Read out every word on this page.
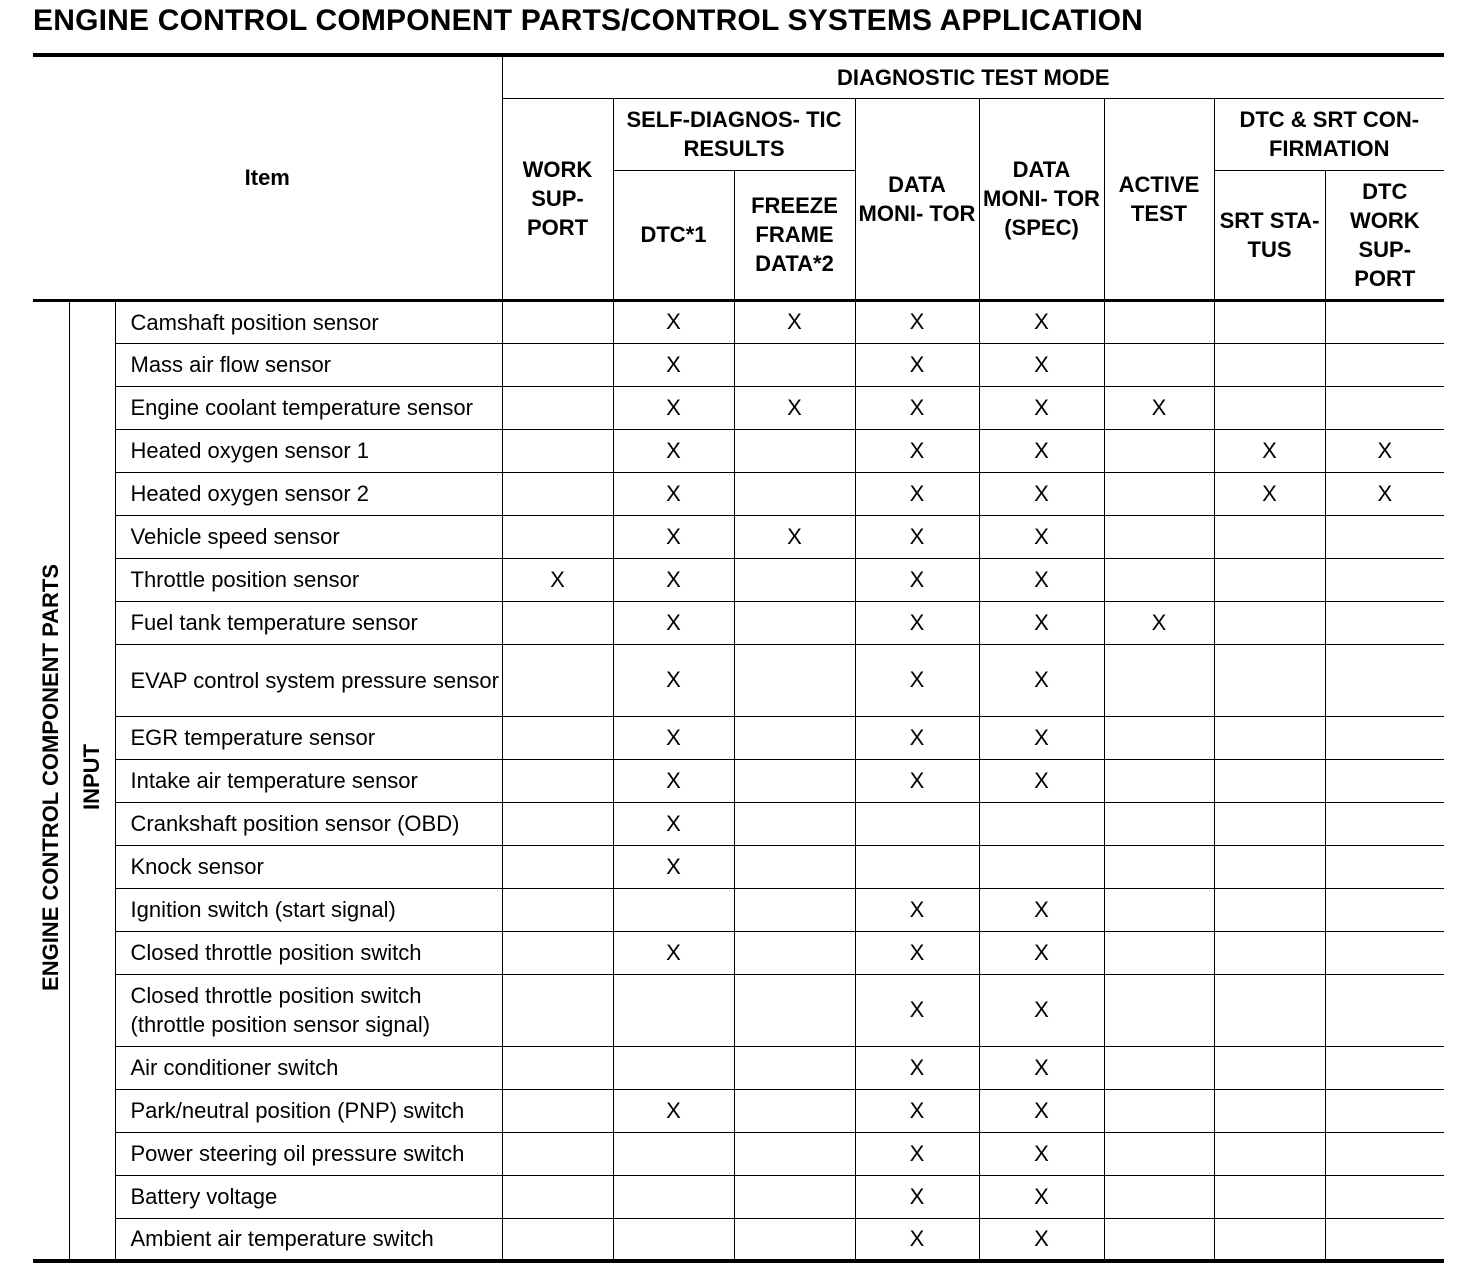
ENGINE CONTROL COMPONENT PARTS/CONTROL SYSTEMS APPLICATION
Item			DIAGNOSTIC TEST MODE							
			WORK SUP- PORT	SELF-DIAGNOS- TIC RESULTS		DATA MONI- TOR	DATA MONI- TOR (SPEC)	ACTIVE TEST	DTC & SRT CON- FIRMATION	
				DTC*1	FREEZE FRAME DATA*2				SRT STA- TUS	DTC WORK SUP- PORT
ENGINE CONTROL COMPONENT PARTS	INPUT	Camshaft position sensor		X	X	X	X			
		Mass air flow sensor		X		X	X			
		Engine coolant temperature sensor		X	X	X	X	X		
		Heated oxygen sensor 1		X		X	X		X	X
		Heated oxygen sensor 2		X		X	X		X	X
		Vehicle speed sensor		X	X	X	X			
		Throttle position sensor	X	X		X	X			
		Fuel tank temperature sensor		X		X	X	X		
		EVAP control system pressure sensor		X		X	X			
		EGR temperature sensor		X		X	X			
		Intake air temperature sensor		X		X	X			
		Crankshaft position sensor (OBD)		X						
		Knock sensor		X						
		Ignition switch (start signal)				X	X			
		Closed throttle position switch		X		X	X			
		Closed throttle position switch (throttle position sensor signal)				X	X			
		Air conditioner switch				X	X			
		Park/neutral position (PNP) switch		X		X	X			
		Power steering oil pressure switch				X	X			
		Battery voltage				X	X			
		Ambient air temperature switch				X	X			
